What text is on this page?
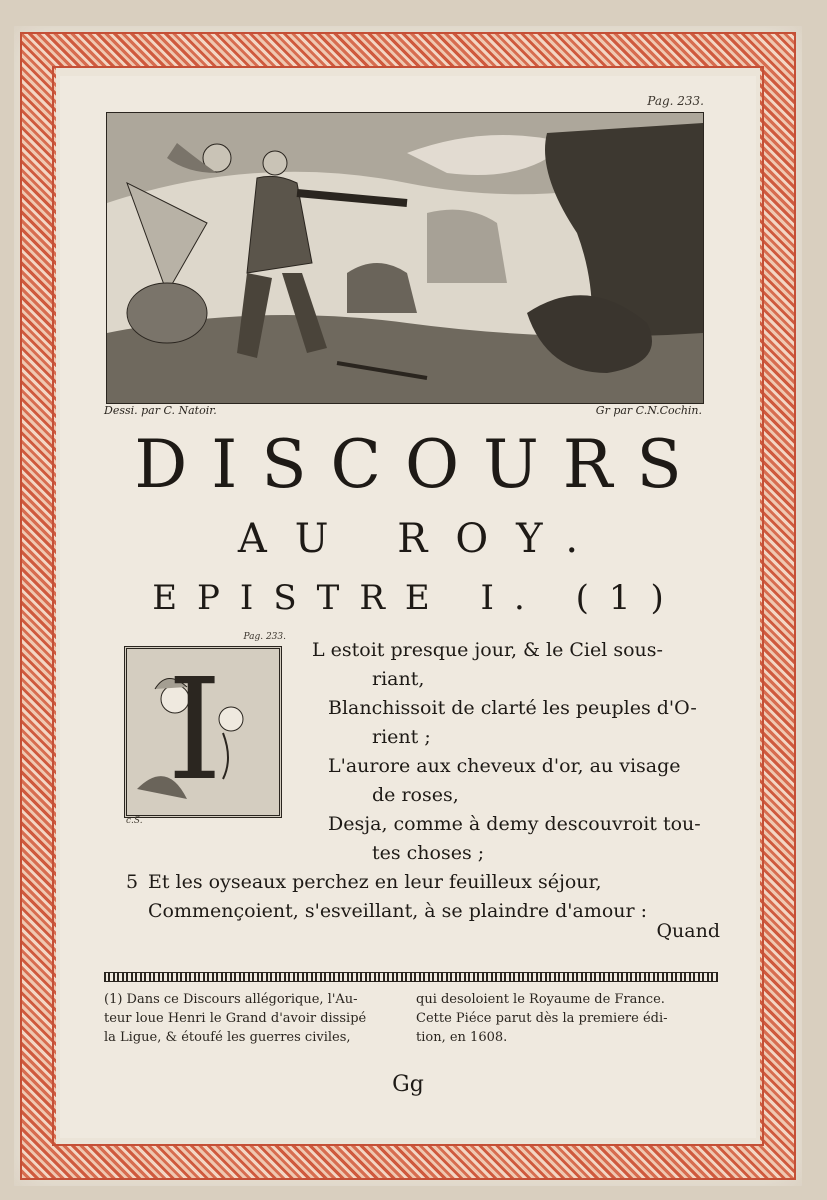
Pag. 233.
Dessi. par C. Natoir.	Gr par C.N.Cochin.
DISCOURS
AU ROY.
EPISTRE I. (1)
Pag. 233.
I
c.S.
L estoit presque jour, & le Ciel sous-
riant,
Blanchissoit de clarté les peuples d'O-
rient ;
L'aurore aux cheveux d'or, au visage
de roses,
Desja, comme à demy descouvroit tou-
tes choses ;
5 Et les oyseaux perchez en leur feuilleux séjour,
Commençoient, s'esveillant, à se plaindre d'amour :
Quand
(1) Dans ce Discours allégorique, l'Au-
teur loue Henri le Grand d'avoir dissipé
la Ligue, & étoufé les guerres civiles,
qui desoloient le Royaume de France.
Cette Piéce parut dès la premiere édi-
tion, en 1608.
Gg
